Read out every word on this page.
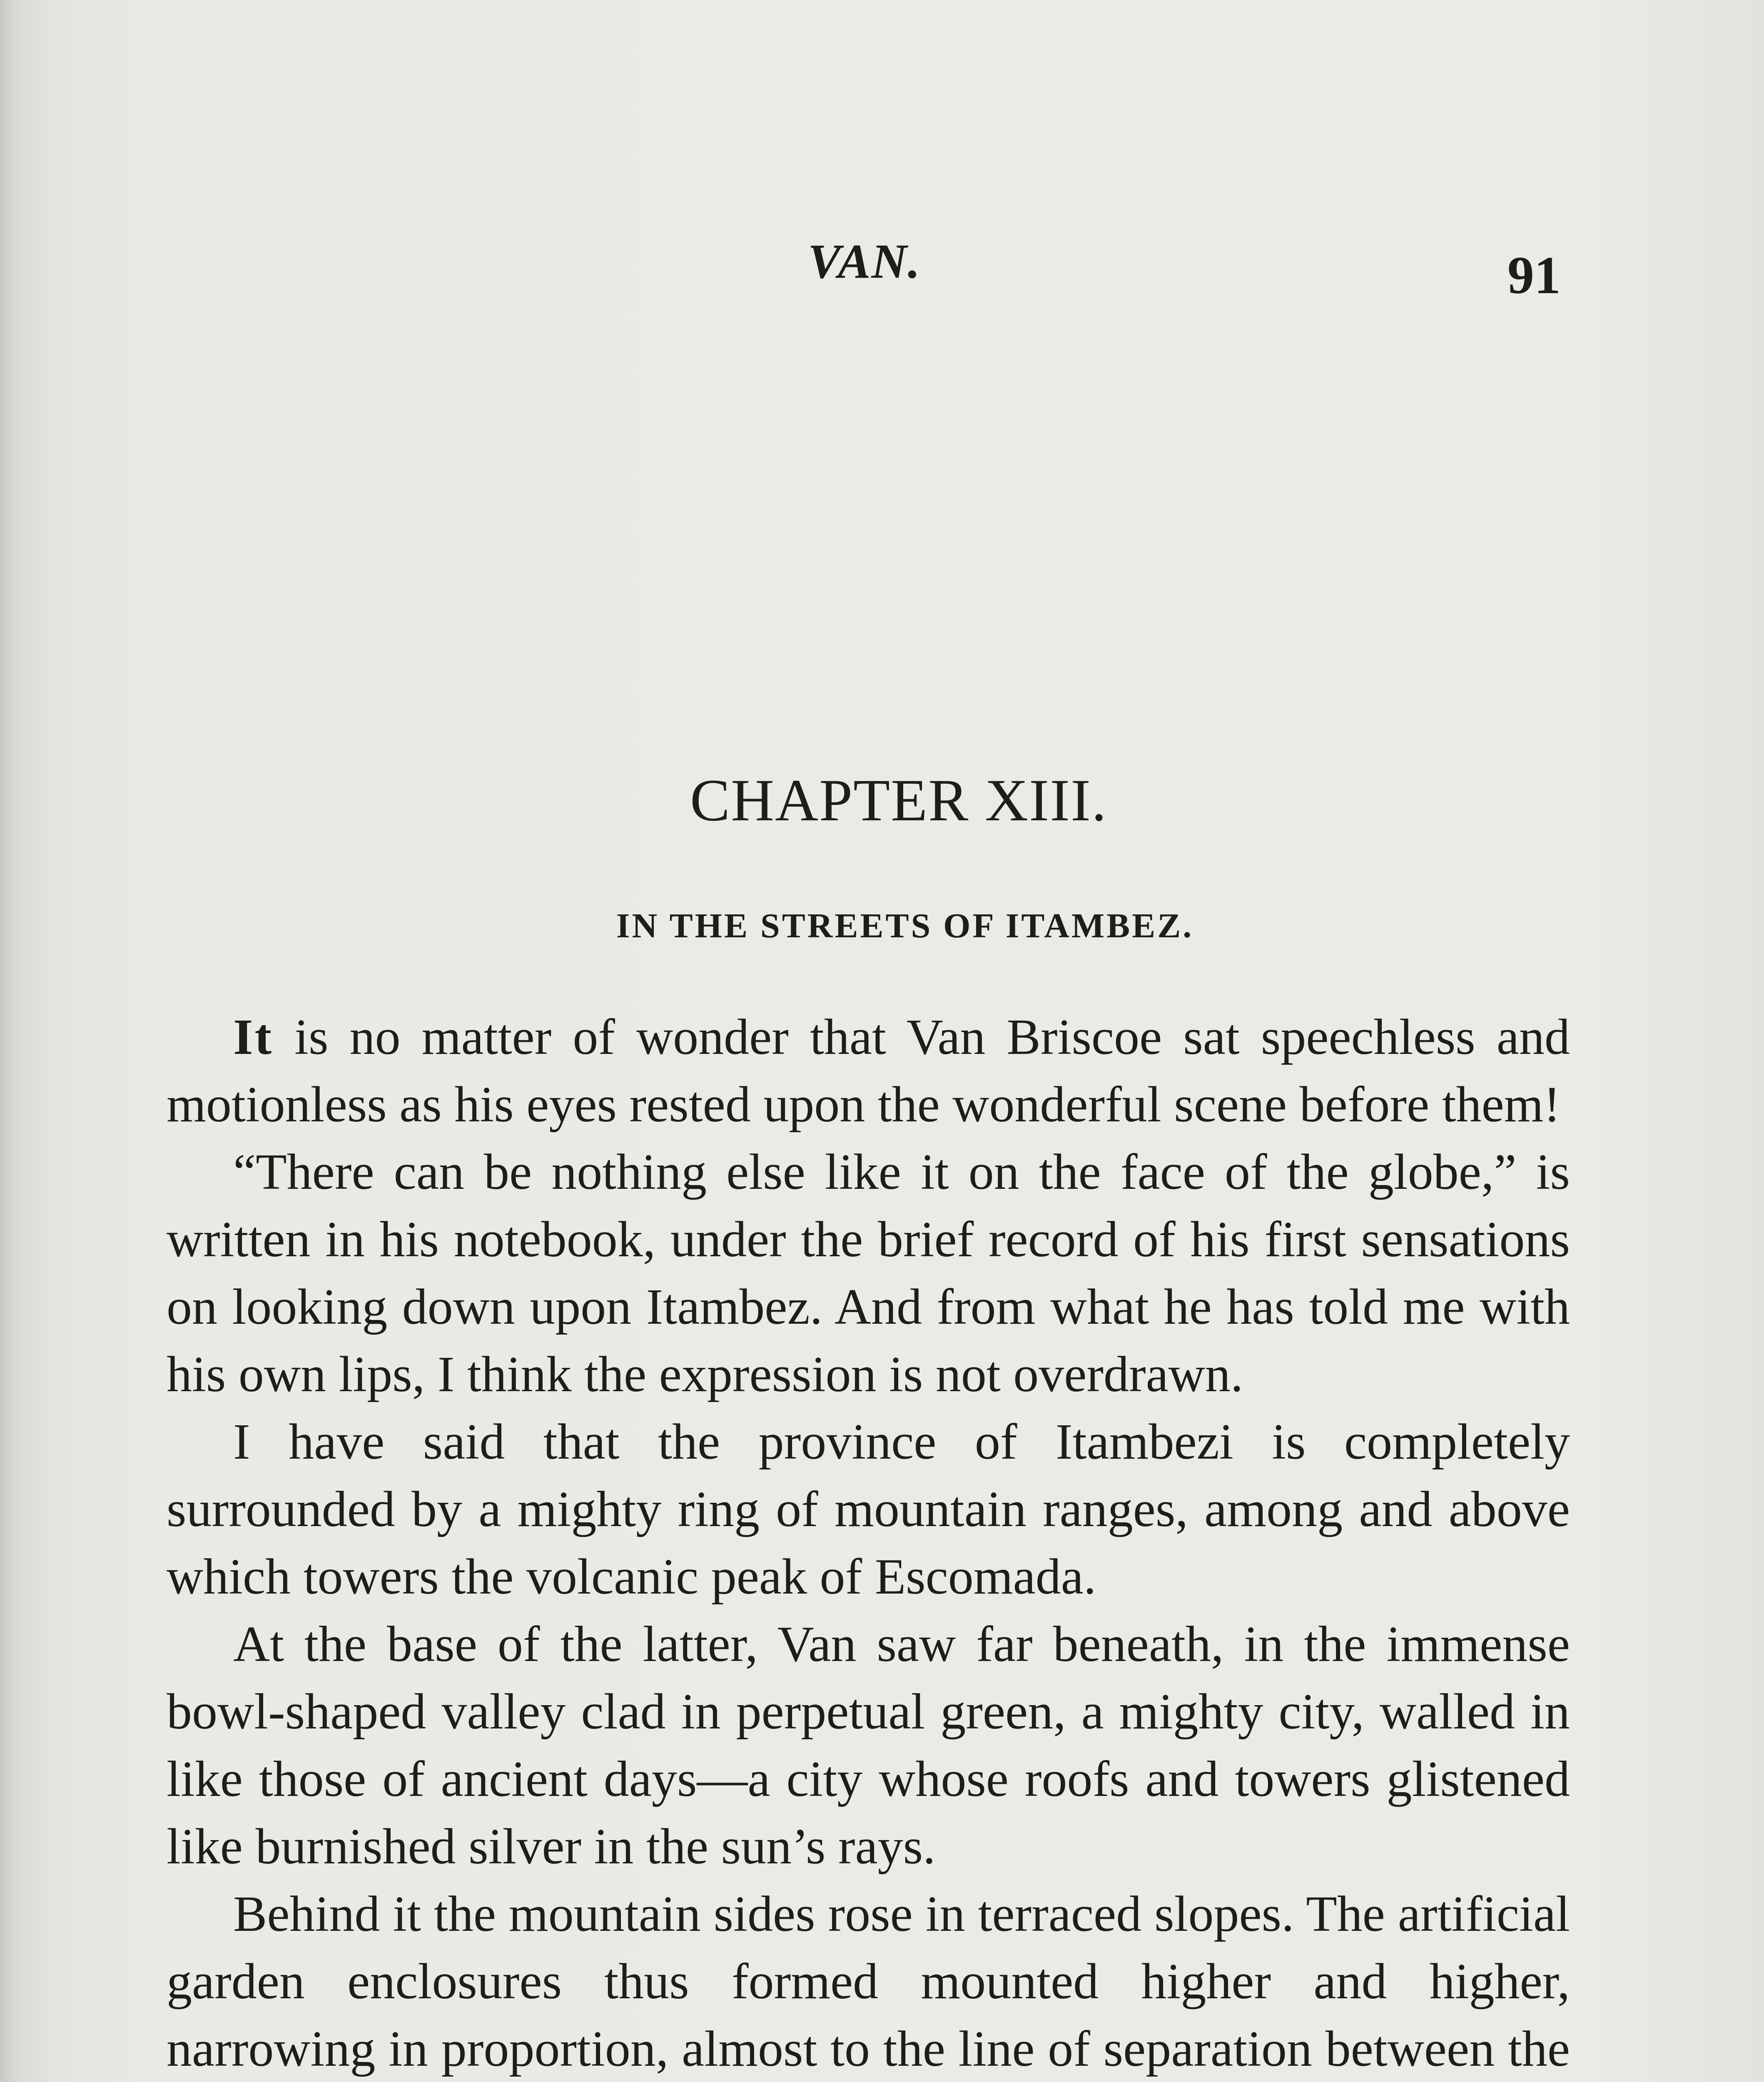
VAN.	91
CHAPTER XIII.
IN THE STREETS OF ITAMBEZ.

It is no matter of wonder that Van Briscoe sat speechless and motionless as his eyes rested upon the wonderful scene before them!

“There can be nothing else like it on the face of the globe,” is written in his notebook, under the brief record of his first sensations on looking down upon Itambez. And from what he has told me with his own lips, I think the expression is not overdrawn.

I have said that the province of Itambezi is completely surrounded by a mighty ring of mountain ranges, among and above which towers the volcanic peak of Escomada.

At the base of the latter, Van saw far beneath, in the immense bowl-shaped valley clad in perpetual green, a mighty city, walled in like those of ancient days—a city whose roofs and towers glistened like burnished silver in the sun’s rays.

Behind it the mountain sides rose in terraced slopes. The artificial garden enclosures thus formed mounted higher and higher, narrowing in proportion, almost to the line of separation between the
